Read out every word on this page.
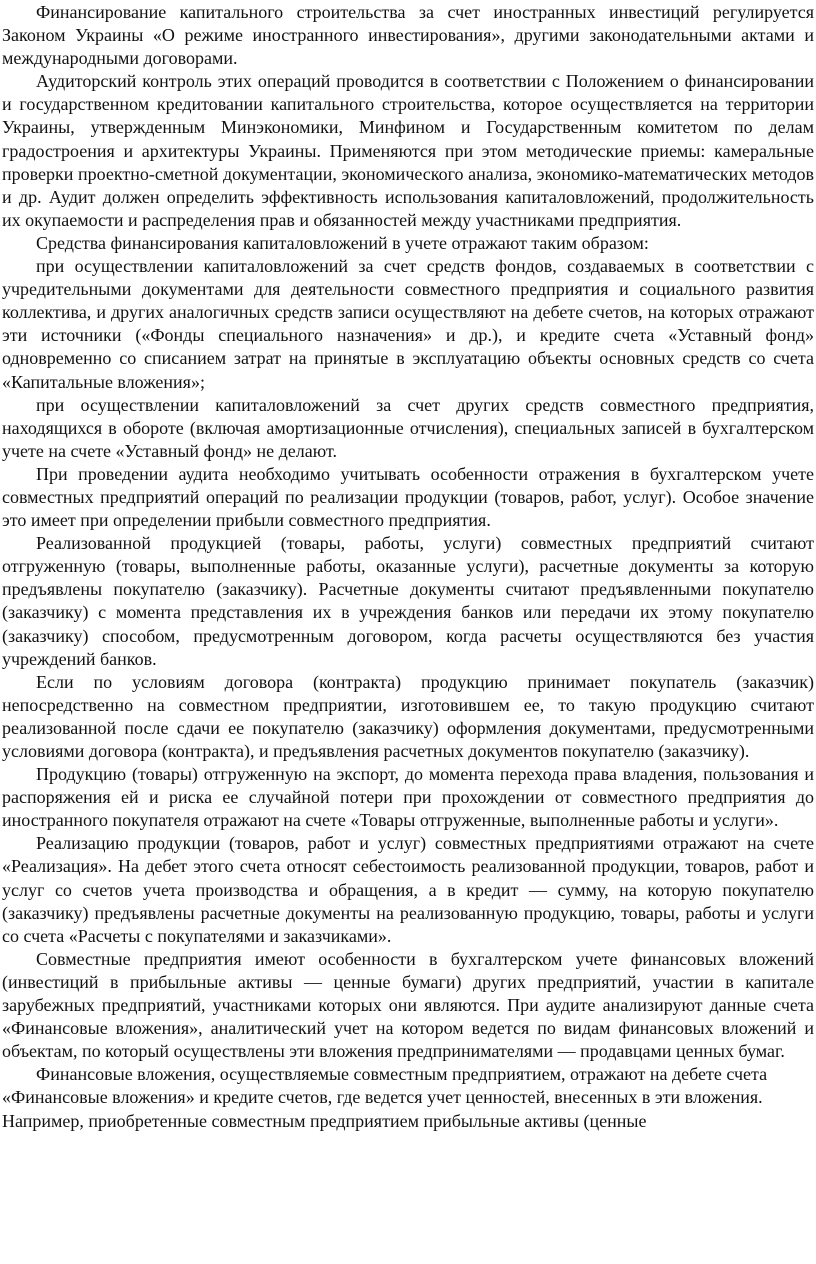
Финансирование капитального строительства за счет иностранных инвестиций регулируется Законом Украины «О режиме иностранного инвестирования», другими законодательными актами и международными договорами.

Аудиторский контроль этих операций проводится в соответствии с Положением о финансировании и государственном кредитовании капитального строительства, которое осуществляется на территории Украины, утвержденным Минэкономики, Минфином и Государственным комитетом по делам градостроения и архитектуры Украины. Применяются при этом методические приемы: камеральные проверки проектно-сметной документации, экономического анализа, экономико-математических методов и др. Аудит должен определить эффективность использования капиталовложений, продолжительность их окупаемости и распределения прав и обязанностей между участниками предприятия.

Средства финансирования капиталовложений в учете отражают таким образом:

при осуществлении капиталовложений за счет средств фондов, создаваемых в соответствии с учредительными документами для деятельности совместного предприятия и социального развития коллектива, и других аналогичных средств записи осуществляют на дебете счетов, на которых отражают эти источники («Фонды специального назначения» и др.), и кредите счета «Уставный фонд» одновременно со списанием затрат на принятые в эксплуатацию объекты основных средств со счета «Капитальные вложения»;

при осуществлении капиталовложений за счет других средств совместного предприятия, находящихся в обороте (включая амортизационные отчисления), специальных записей в бухгалтерском учете на счете «Уставный фонд» не делают.

При проведении аудита необходимо учитывать особенности отражения в бухгалтерском учете совместных предприятий операций по реализации продукции (товаров, работ, услуг). Особое значение это имеет при определении прибыли совместного предприятия.

Реализованной продукцией (товары, работы, услуги) совместных предприятий считают отгруженную (товары, выполненные работы, оказанные услуги), расчетные документы за которую предъявлены покупателю (заказчику). Расчетные документы считают предъявленными покупателю (заказчику) с момента представления их в учреждения банков или передачи их этому покупателю (заказчику) способом, предусмотренным договором, когда расчеты осуществляются без участия учреждений банков.

Если по условиям договора (контракта) продукцию принимает покупатель (заказчик) непосредственно на совместном предприятии, изготовившем ее, то такую продукцию считают реализованной после сдачи ее покупателю (заказчику) оформления документами, предусмотренными условиями договора (контракта), и предъявления расчетных документов покупателю (заказчику).

Продукцию (товары) отгруженную на экспорт, до момента перехода права владения, пользования и распоряжения ей и риска ее случайной потери при прохождении от совместного предприятия до иностранного покупателя отражают на счете «Товары отгруженные, выполненные работы и услуги».

Реализацию продукции (товаров, работ и услуг) совместных предприятиями отражают на счете «Реализация». На дебет этого счета относят себестоимость реализованной продукции, товаров, работ и услуг со счетов учета производства и обращения, а в кредит — сумму, на которую покупателю (заказчику) предъявлены расчетные документы на реализованную продукцию, товары, работы и услуги со счета «Расчеты с покупателями и заказчиками».

Совместные предприятия имеют особенности в бухгалтерском учете финансовых вложений (инвестиций в прибыльные активы — ценные бумаги) других предприятий, участии в капитале зарубежных предприятий, участниками которых они являются. При аудите анализируют данные счета «Финансовые вложения», аналитический учет на котором ведется по видам финансовых вложений и объектам, по который осуществлены эти вложения предпринимателями — продавцами ценных бумаг.

Финансовые вложения, осуществляемые совместным предприятием, отражают на дебете счета «Финансовые вложения» и кредите счетов, где ведется учет ценностей, внесенных в эти вложения. Например, приобретенные совместным предприятием прибыльные активы (ценные
